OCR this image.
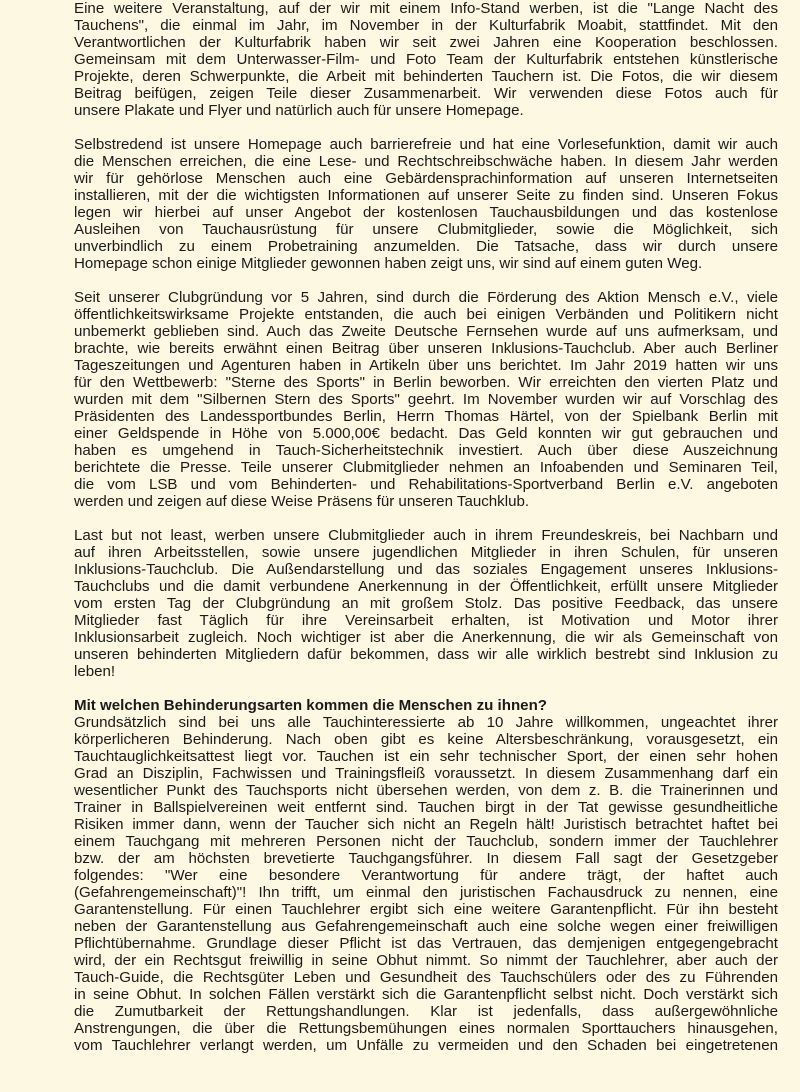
Eine weitere Veranstaltung, auf der wir mit einem Info-Stand werben, ist die "Lange Nacht des
Tauchens", die einmal im Jahr, im November in der Kulturfabrik Moabit, stattfindet. Mit den
Verantwortlichen der Kulturfabrik haben wir seit zwei Jahren eine Kooperation beschlossen.
Gemeinsam mit dem Unterwasser-Film- und Foto Team der Kulturfabrik entstehen künstlerische
Projekte, deren Schwerpunkte, die Arbeit mit behinderten Tauchern ist. Die Fotos, die wir diesem
Beitrag beifügen, zeigen Teile dieser Zusammenarbeit. Wir verwenden diese Fotos auch für
unsere Plakate und Flyer und natürlich auch für unsere Homepage.
Selbstredend ist unsere Homepage auch barrierefreie und hat eine Vorlesefunktion, damit wir auch
die Menschen erreichen, die eine Lese- und Rechtschreibschwäche haben. In diesem Jahr werden
wir für gehörlose Menschen auch eine Gebärdensprachinformation auf unseren Internetseiten
installieren, mit der die wichtigsten Informationen auf unserer Seite zu finden sind. Unseren Fokus
legen wir hierbei auf unser Angebot der kostenlosen Tauchausbildungen und das kostenlose
Ausleihen von Tauchausrüstung für unsere Clubmitglieder, sowie die Möglichkeit, sich
unverbindlich zu einem Probetraining anzumelden. Die Tatsache, dass wir durch unsere
Homepage schon einige Mitglieder gewonnen haben zeigt uns, wir sind auf einem guten Weg.
Seit unserer Clubgründung vor 5 Jahren, sind durch die Förderung des Aktion Mensch e.V., viele
öffentlichkeitswirksame Projekte entstanden, die auch bei einigen Verbänden und Politikern nicht
unbemerkt geblieben sind. Auch das Zweite Deutsche Fernsehen wurde auf uns aufmerksam, und
brachte, wie bereits erwähnt einen Beitrag über unseren Inklusions-Tauchclub. Aber auch Berliner
Tageszeitungen und Agenturen haben in Artikeln über uns berichtet. Im Jahr 2019 hatten wir uns
für den Wettbewerb: "Sterne des Sports" in Berlin beworben. Wir erreichten den vierten Platz und
wurden mit dem "Silbernen Stern des Sports" geehrt. Im November wurden wir auf Vorschlag des
Präsidenten des Landessportbundes Berlin, Herrn Thomas Härtel, von der Spielbank Berlin mit
einer Geldspende in Höhe von 5.000,00€ bedacht. Das Geld konnten wir gut gebrauchen und
haben es umgehend in Tauch-Sicherheitstechnik investiert. Auch über diese Auszeichnung
berichtete die Presse. Teile unserer Clubmitglieder nehmen an Infoabenden und Seminaren Teil,
die vom LSB und vom Behinderten- und Rehabilitations-Sportverband Berlin e.V. angeboten
werden und zeigen auf diese Weise Präsens für unseren Tauchklub.
Last but not least, werben unsere Clubmitglieder auch in ihrem Freundeskreis, bei Nachbarn und
auf ihren Arbeitsstellen, sowie unsere jugendlichen Mitglieder in ihren Schulen, für unseren
Inklusions-Tauchclub. Die Außendarstellung und das soziales Engagement unseres Inklusions-
Tauchclubs und die damit verbundene Anerkennung in der Öffentlichkeit, erfüllt unsere Mitglieder
vom ersten Tag der Clubgründung an mit großem Stolz. Das positive Feedback, das unsere
Mitglieder fast Täglich für ihre Vereinsarbeit erhalten, ist Motivation und Motor ihrer
Inklusionsarbeit zugleich. Noch wichtiger ist aber die Anerkennung, die wir als Gemeinschaft von
unseren behinderten Mitgliedern dafür bekommen, dass wir alle wirklich bestrebt sind Inklusion zu
leben!
Mit welchen Behinderungsarten kommen die Menschen zu ihnen?
Grundsätzlich sind bei uns alle Tauchinteressierte ab 10 Jahre willkommen, ungeachtet ihrer
körperlicheren Behinderung. Nach oben gibt es keine Altersbeschränkung, vorausgesetzt, ein
Tauchtauglichkeitsattest liegt vor. Tauchen ist ein sehr technischer Sport, der einen sehr hohen
Grad an Disziplin, Fachwissen und Trainingsfleiß voraussetzt. In diesem Zusammenhang darf ein
wesentlicher Punkt des Tauchsports nicht übersehen werden, von dem z. B. die Trainerinnen und
Trainer in Ballspielvereinen weit entfernt sind. Tauchen birgt in der Tat gewisse gesundheitliche
Risiken immer dann, wenn der Taucher sich nicht an Regeln hält! Juristisch betrachtet haftet bei
einem Tauchgang mit mehreren Personen nicht der Tauchclub, sondern immer der Tauchlehrer
bzw. der am höchsten brevetierte Tauchgangsführer. In diesem Fall sagt der Gesetzgeber
folgendes: "Wer eine besondere Verantwortung für andere trägt, der haftet auch
(Gefahrengemeinschaft)"! Ihn trifft, um einmal den juristischen Fachausdruck zu nennen, eine
Garantenstellung. Für einen Tauchlehrer ergibt sich eine weitere Garantenpflicht. Für ihn besteht
neben der Garantenstellung aus Gefahrengemeinschaft auch eine solche wegen einer freiwilligen
Pflichtübernahme. Grundlage dieser Pflicht ist das Vertrauen, das demjenigen entgegengebracht
wird, der ein Rechtsgut freiwillig in seine Obhut nimmt. So nimmt der Tauchlehrer, aber auch der
Tauch-Guide, die Rechtsgüter Leben und Gesundheit des Tauchschülers oder des zu Führenden
in seine Obhut. In solchen Fällen verstärkt sich die Garantenpflicht selbst nicht. Doch verstärkt sich
die Zumutbarkeit der Rettungshandlungen. Klar ist jedenfalls, dass außergewöhnliche
Anstrengungen, die über die Rettungsbemühungen eines normalen Sporttauchers hinausgehen,
vom Tauchlehrer verlangt werden, um Unfälle zu vermeiden und den Schaden bei eingetretenen
